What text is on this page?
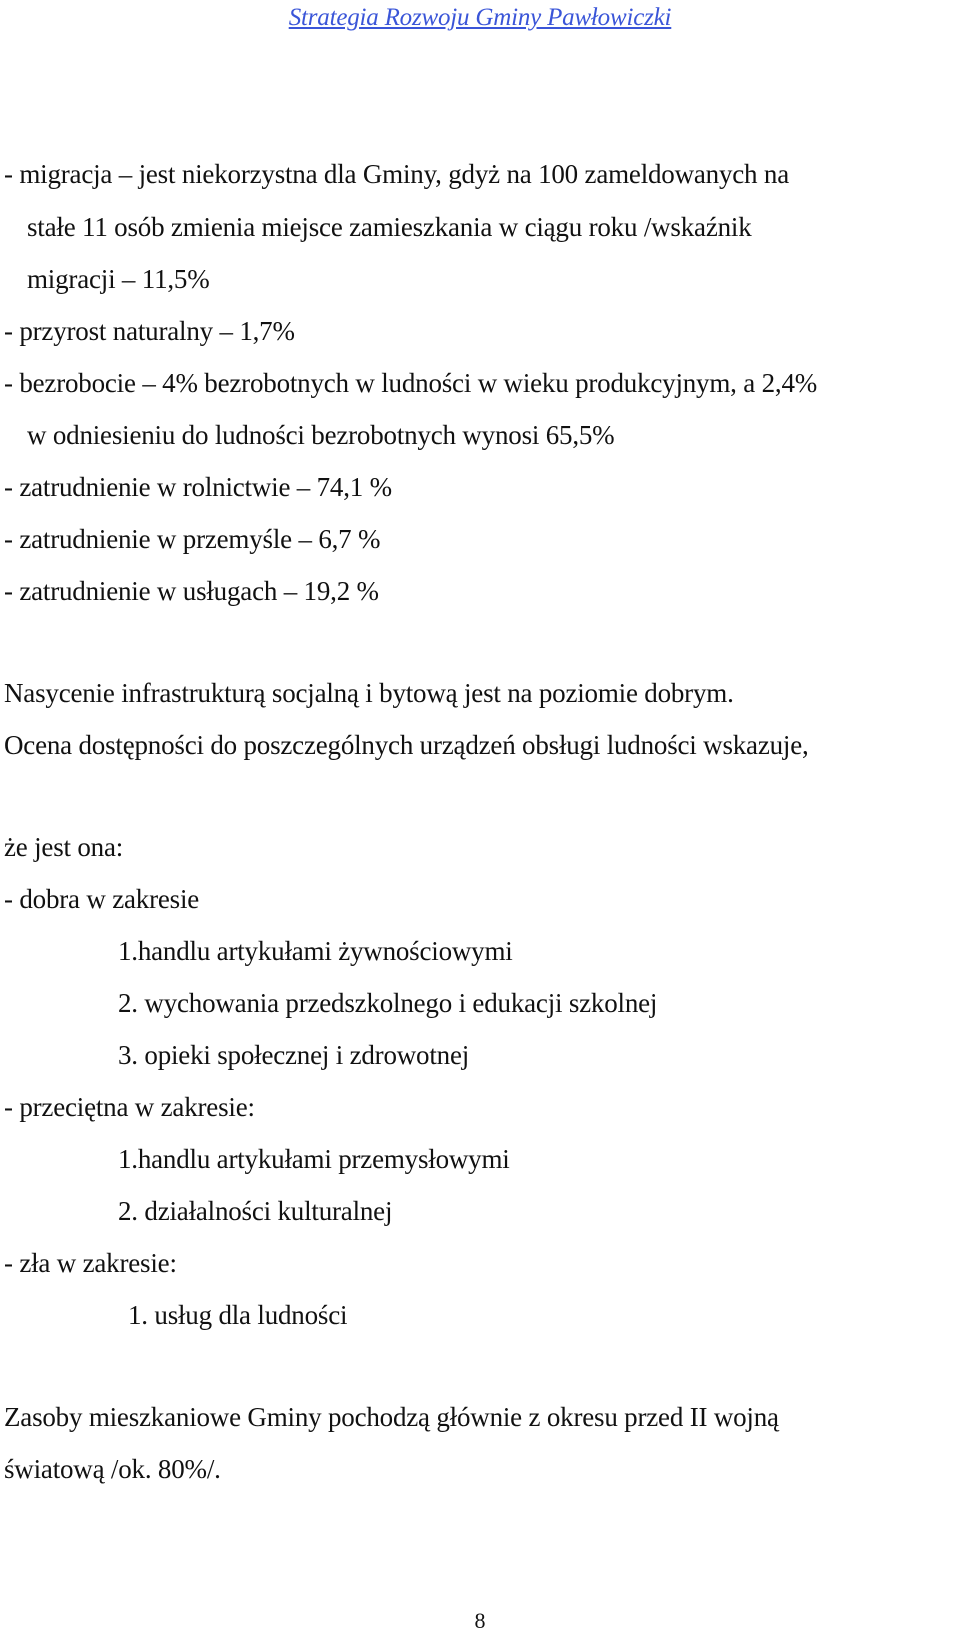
Strategia Rozwoju Gminy Pawłowiczki
- migracja – jest niekorzystna dla Gminy, gdyż na 100 zameldowanych na
stałe 11 osób zmienia miejsce zamieszkania w ciągu roku /wskaźnik
migracji – 11,5%
- przyrost naturalny – 1,7%
- bezrobocie – 4% bezrobotnych w ludności w wieku produkcyjnym, a 2,4%
w odniesieniu do ludności bezrobotnych wynosi 65,5%
- zatrudnienie w rolnictwie – 74,1 %
- zatrudnienie w przemyśle – 6,7 %
- zatrudnienie w usługach – 19,2 %
Nasycenie infrastrukturą socjalną i bytową jest na poziomie dobrym.
Ocena dostępności do poszczególnych urządzeń obsługi ludności wskazuje,
że jest ona:
- dobra w zakresie
1.handlu artykułami żywnościowymi
2. wychowania przedszkolnego i edukacji szkolnej
3. opieki społecznej i zdrowotnej
- przeciętna w zakresie:
1.handlu artykułami przemysłowymi
2. działalności kulturalnej
- zła w zakresie:
1. usług dla ludności
Zasoby mieszkaniowe Gminy pochodzą głównie z okresu przed II wojną
światową /ok. 80%/.
8
